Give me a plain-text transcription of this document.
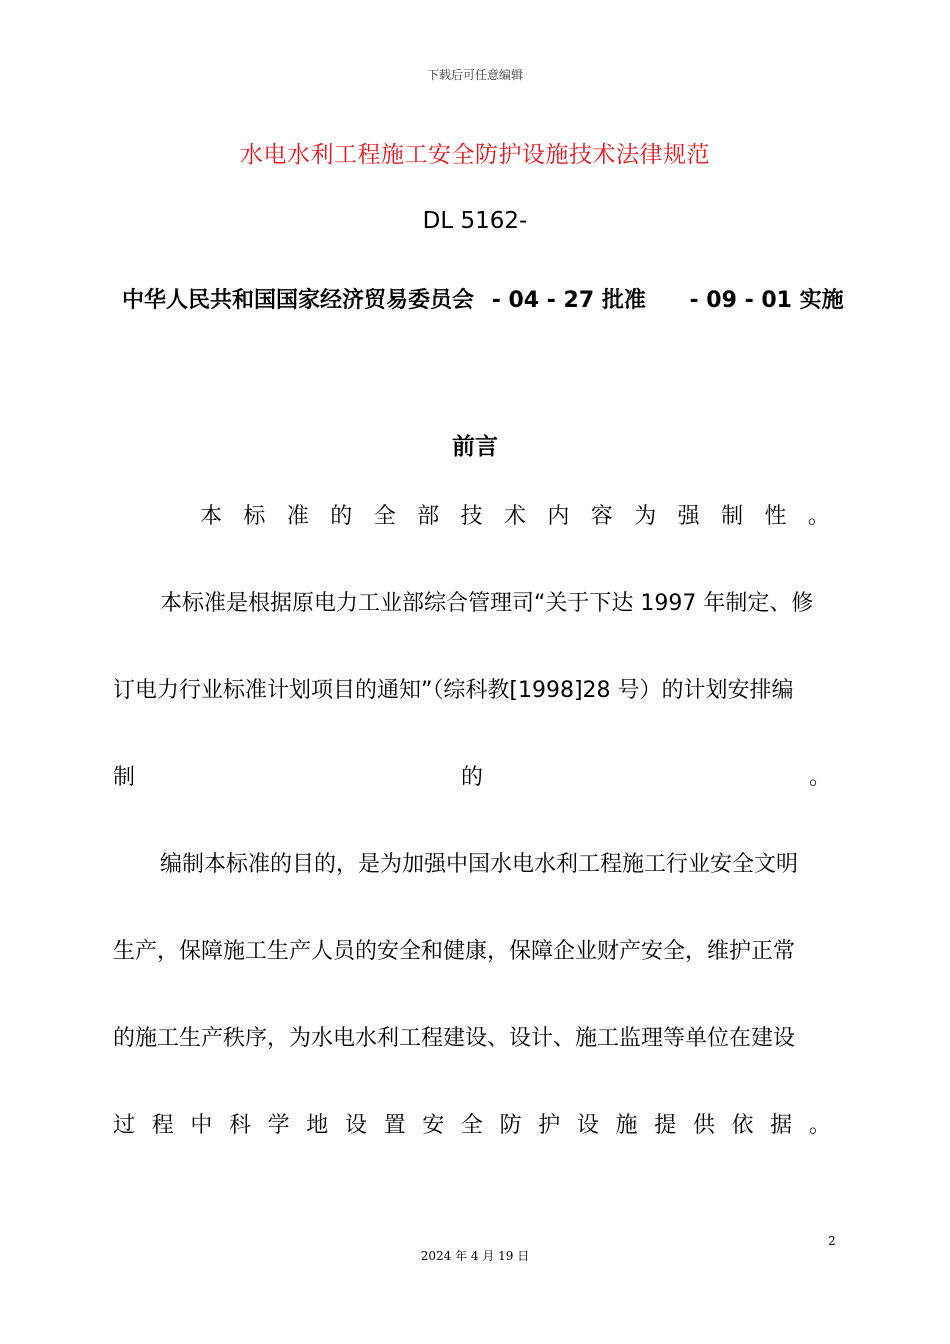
下载后可任意编辑
水电水利工程施工安全防护设施技术法律规范
DL 5162-
中华人民共和国国家经济贸易委员会 - 04 - 27 批准 - 09 - 01 实施
前言
本 标 准 的 全 部 技 术 内 容 为 强 制 性 。
本标准是根据原电力工业部综合管理司“关于下达 1997 年制定、修
订电力行业标准计划项目的通知”（综科教[1998]28 号）的计划安排编
制	的	。
编制本标准的目的，是为加强中国水电水利工程施工行业安全文明
生产，保障施工生产人员的安全和健康，保障企业财产安全，维护正常
的施工生产秩序，为水电水利工程建设、设计、施工监理等单位在建设
过 程 中 科 学 地 设 置 安 全 防 护 设 施 提 供 依 据 。
2
2024 年 4 月 19 日
